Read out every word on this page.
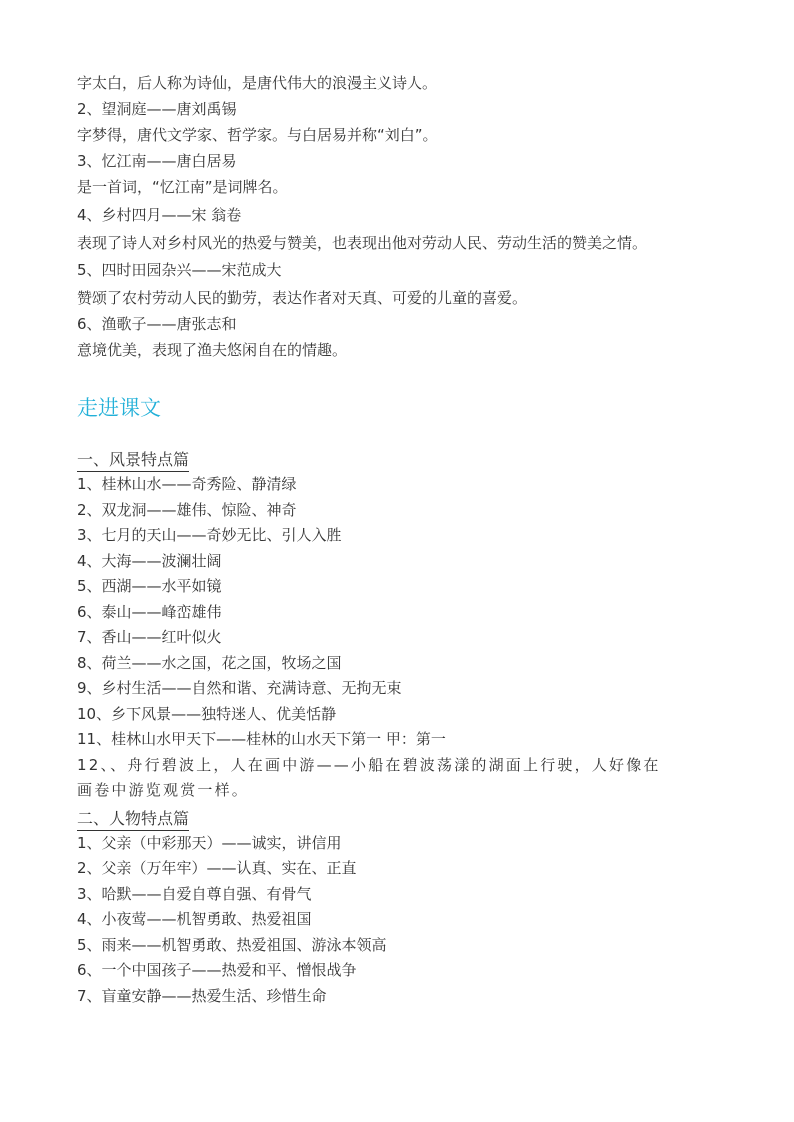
字太白，后人称为诗仙，是唐代伟大的浪漫主义诗人。
2、望洞庭——唐刘禹锡
字梦得，唐代文学家、哲学家。与白居易并称“刘白”。
3、忆江南——唐白居易
是一首词，“忆江南”是词牌名。
4、乡村四月——宋 翁卷
表现了诗人对乡村风光的热爱与赞美，也表现出他对劳动人民、劳动生活的赞美之情。
5、四时田园杂兴——宋范成大
赞颂了农村劳动人民的勤劳，表达作者对天真、可爱的儿童的喜爱。
6、渔歌子——唐张志和
意境优美，表现了渔夫悠闲自在的情趣。
走进课文
一、风景特点篇
1、桂林山水——奇秀险、静清绿
2、双龙洞——雄伟、惊险、神奇
3、七月的天山——奇妙无比、引人入胜
4、大海——波澜壮阔
5、西湖——水平如镜
6、泰山——峰峦雄伟
7、香山——红叶似火
8、荷兰——水之国，花之国，牧场之国
9、乡村生活——自然和谐、充满诗意、无拘无束
10、乡下风景——独特迷人、优美恬静
11、桂林山水甲天下——桂林的山水天下第一 甲：第一
12、、舟行碧波上，人在画中游——小船在碧波荡漾的湖面上行驶，人好像在画卷中游览观赏一样。
二、人物特点篇
1、父亲（中彩那天）——诚实，讲信用
2、父亲（万年牢）——认真、实在、正直
3、哈默——自爱自尊自强、有骨气
4、小夜莺——机智勇敢、热爱祖国
5、雨来——机智勇敢、热爱祖国、游泳本领高
6、一个中国孩子——热爱和平、憎恨战争
7、盲童安静——热爱生活、珍惜生命
